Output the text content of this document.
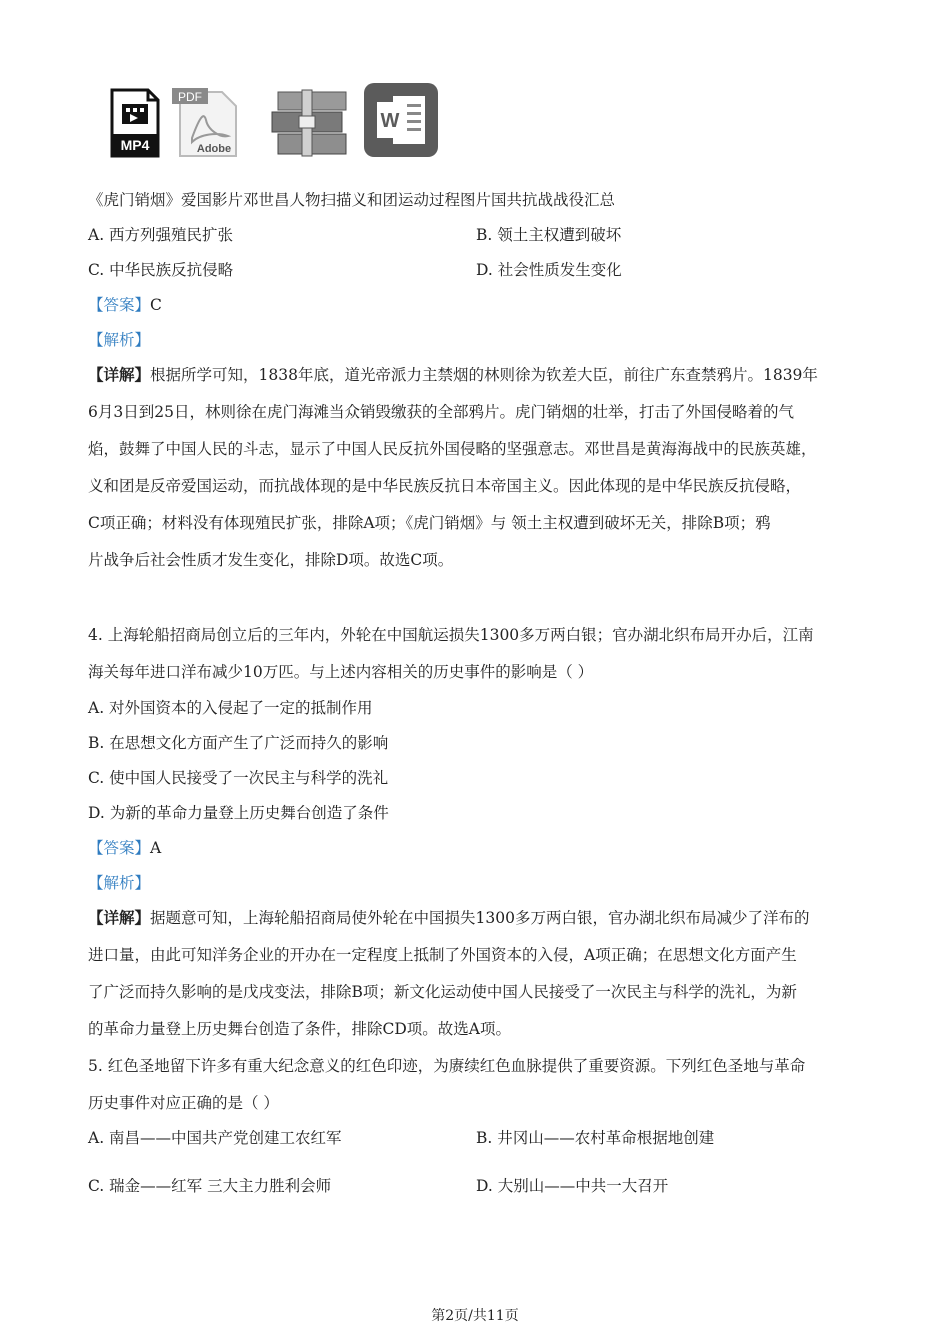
MP4
PDF
Adobe
W
《虎门销烟》爱国影片邓世昌人物扫描义和团运动过程图片国共抗战战役汇总
A. 西方列强殖民扩张	B. 领土主权遭到破坏
C. 中华民族反抗侵略	D. 社会性质发生变化
【答案】C
【解析】
【详解】根据所学可知，1838年底，道光帝派力主禁烟的林则徐为钦差大臣，前往广东查禁鸦片。1839年
6月3日到25日，林则徐在虎门海滩当众销毁缴获的全部鸦片。虎门销烟的壮举，打击了外国侵略着的气
焰，鼓舞了中国人民的斗志，显示了中国人民反抗外国侵略的坚强意志。邓世昌是黄海海战中的民族英雄，
义和团是反帝爱国运动，而抗战体现的是中华民族反抗日本帝国主义。因此体现的是中华民族反抗侵略，
C项正确；材料没有体现殖民扩张，排除A项；《虎门销烟》与 领土主权遭到破坏无关，排除B项；鸦
片战争后社会性质才发生变化，排除D项。故选C项。
4. 上海轮船招商局创立后的三年内，外轮在中国航运损失1300多万两白银；官办湖北织布局开办后，江南
海关每年进口洋布减少10万匹。与上述内容相关的历史事件的影响是（ ）
A. 对外国资本的入侵起了一定的抵制作用
B. 在思想文化方面产生了广泛而持久的影响
C. 使中国人民接受了一次民主与科学的洗礼
D. 为新的革命力量登上历史舞台创造了条件
【答案】A
【解析】
【详解】据题意可知，上海轮船招商局使外轮在中国损失1300多万两白银，官办湖北织布局减少了洋布的
进口量，由此可知洋务企业的开办在一定程度上抵制了外国资本的入侵，A项正确；在思想文化方面产生
了广泛而持久影响的是戊戌变法，排除B项；新文化运动使中国人民接受了一次民主与科学的洗礼，为新
的革命力量登上历史舞台创造了条件，排除CD项。故选A项。
5. 红色圣地留下许多有重大纪念意义的红色印迹，为赓续红色血脉提供了重要资源。下列红色圣地与革命
历史事件对应正确的是（ ）
A. 南昌——中国共产党创建工农红军	B. 井冈山——农村革命根据地创建
C. 瑞金——红军 三大主力胜利会师	D. 大别山——中共一大召开
第2页/共11页
